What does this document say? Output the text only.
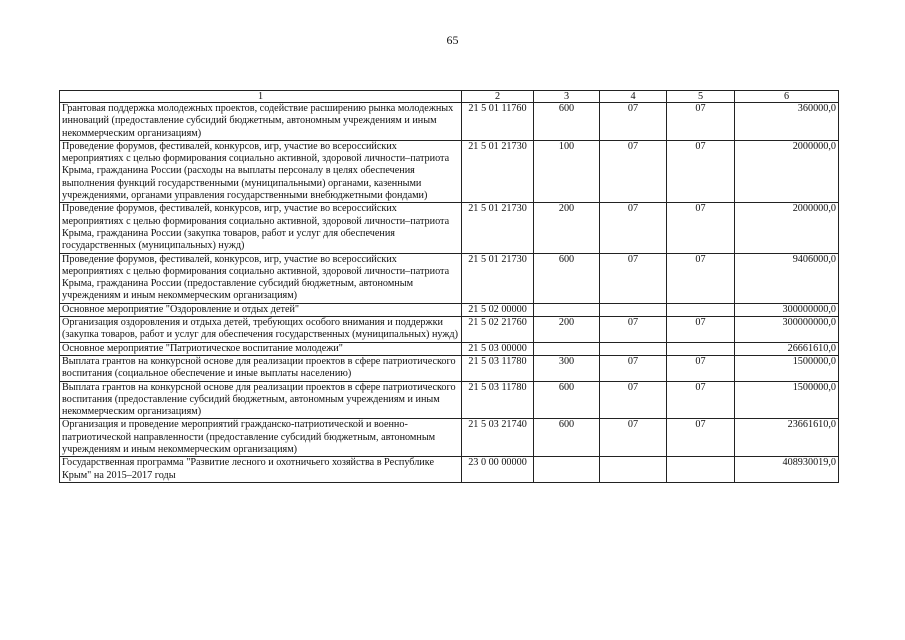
65
1	2	3	4	5	6
Грантовая поддержка молодежных проектов, содействие расширению рынка молодежных инноваций (предоставление субсидий бюджетным, автономным учреждениям и иным некоммерческим организациям)	21 5 01 11760	600	07	07	360000,0
Проведение форумов, фестивалей, конкурсов, игр, участие во всероссийских мероприятиях с целью формирования социально активной, здоровой личности–патриота Крыма, гражданина России (расходы на выплаты персоналу в целях обеспечения выполнения функций государственными (муниципальными) органами, казенными учреждениями, органами управления государственными внебюджетными фондами)	21 5 01 21730	100	07	07	2000000,0
Проведение форумов, фестивалей, конкурсов, игр, участие во всероссийских мероприятиях с целью формирования социально активной, здоровой личности–патриота Крыма, гражданина России (закупка товаров, работ и услуг для обеспечения государственных (муниципальных) нужд)	21 5 01 21730	200	07	07	2000000,0
Проведение форумов, фестивалей, конкурсов, игр, участие во всероссийских мероприятиях с целью формирования социально активной, здоровой личности–патриота Крыма, гражданина России (предоставление субсидий бюджетным, автономным учреждениям и иным некоммерческим организациям)	21 5 01 21730	600	07	07	9406000,0
Основное мероприятие "Оздоровление и отдых детей"	21 5 02 00000				300000000,0
Организация оздоровления и отдыха детей, требующих особого внимания и поддержки (закупка товаров, работ и услуг для обеспечения государственных (муниципальных) нужд)	21 5 02 21760	200	07	07	300000000,0
Основное мероприятие "Патриотическое воспитание молодежи"	21 5 03 00000				26661610,0
Выплата грантов на конкурсной основе для реализации проектов в сфере патриотического воспитания (социальное обеспечение и иные выплаты населению)	21 5 03 11780	300	07	07	1500000,0
Выплата грантов на конкурсной основе для реализации проектов в сфере патриотического воспитания (предоставление субсидий бюджетным, автономным учреждениям и иным некоммерческим организациям)	21 5 03 11780	600	07	07	1500000,0
Организация и проведение мероприятий гражданско-патриотической и военно-патриотической направленности (предоставление субсидий бюджетным, автономным учреждениям и иным некоммерческим организациям)	21 5 03 21740	600	07	07	23661610,0
Государственная программа "Развитие лесного и охотничьего хозяйства в Республике Крым" на 2015–2017 годы	23 0 00 00000				408930019,0
